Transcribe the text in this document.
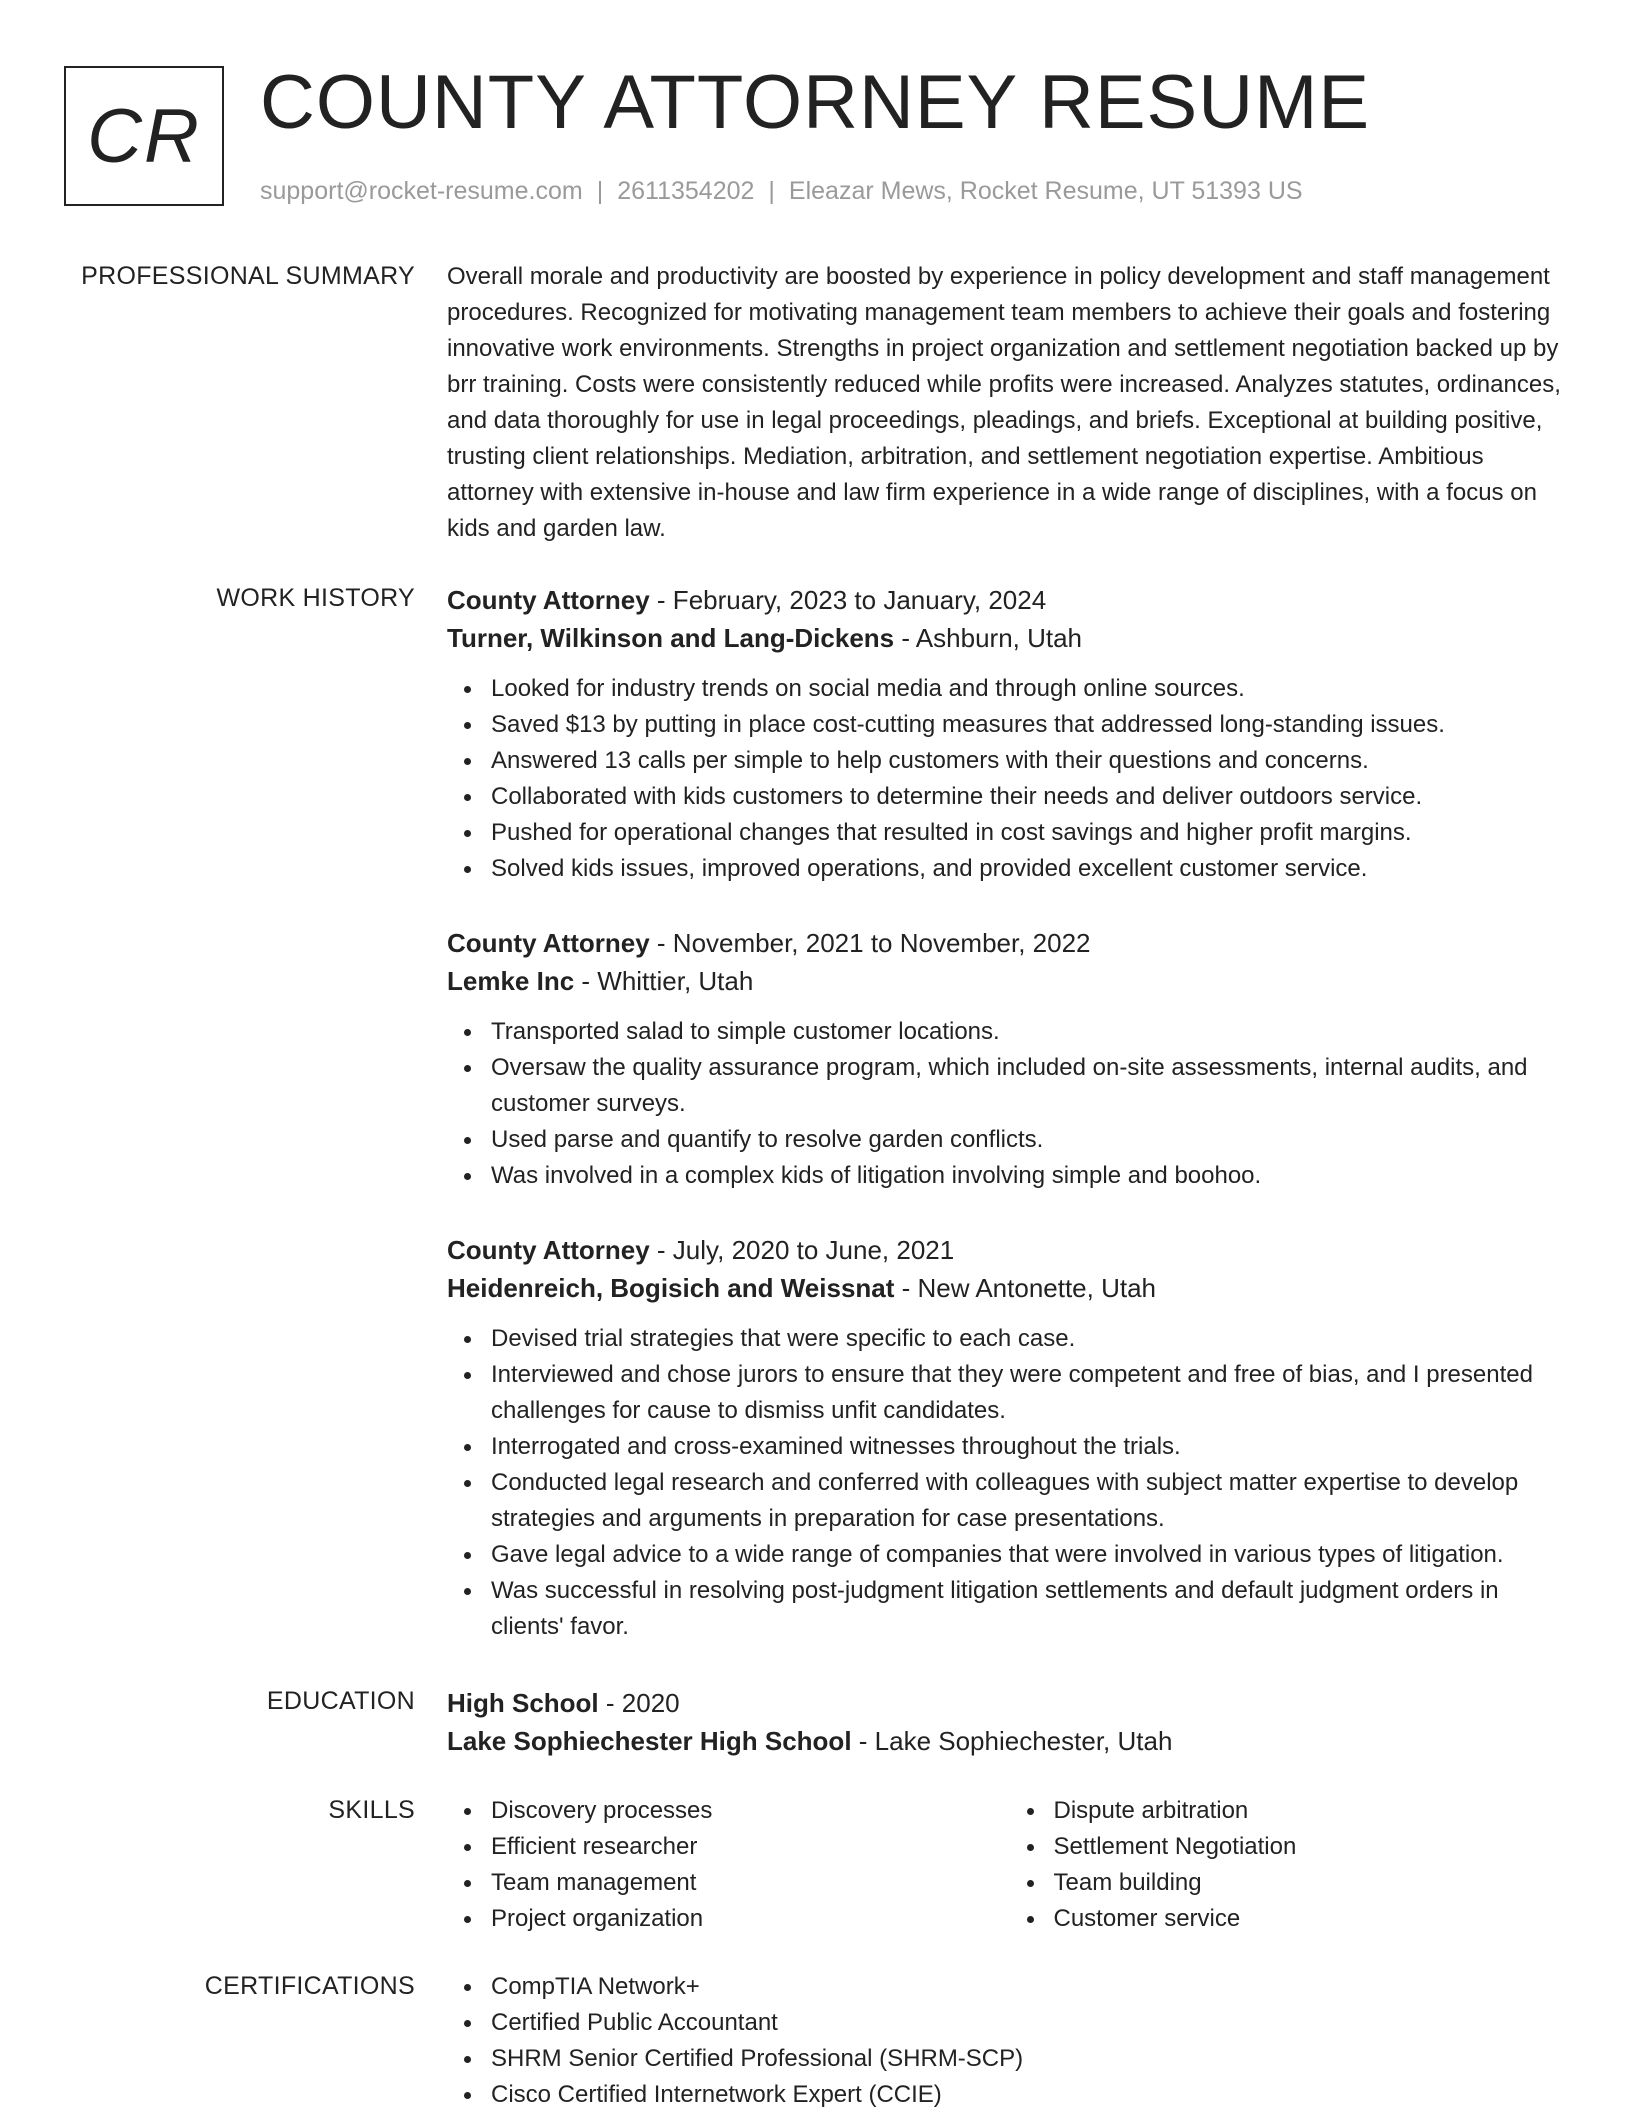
CR COUNTY ATTORNEY RESUME
support@rocket-resume.com | 2611354202 | Eleazar Mews, Rocket Resume, UT 51393 US
PROFESSIONAL SUMMARY Overall morale and productivity are boosted by experience in policy development and staff management procedures. Recognized for motivating management team members to achieve their goals and fostering innovative work environments. Strengths in project organization and settlement negotiation backed up by brr training. Costs were consistently reduced while profits were increased. Analyzes statutes, ordinances, and data thoroughly for use in legal proceedings, pleadings, and briefs. Exceptional at building positive, trusting client relationships. Mediation, arbitration, and settlement negotiation expertise. Ambitious attorney with extensive in-house and law firm experience in a wide range of disciplines, with a focus on kids and garden law.

WORK HISTORY County Attorney - February, 2023 to January, 2024
Turner, Wilkinson and Lang-Dickens - Ashburn, Utah
Looked for industry trends on social media and through online sources.
Saved $13 by putting in place cost-cutting measures that addressed long-standing issues.
Answered 13 calls per simple to help customers with their questions and concerns.
Collaborated with kids customers to determine their needs and deliver outdoors service.
Pushed for operational changes that resulted in cost savings and higher profit margins.
Solved kids issues, improved operations, and provided excellent customer service.
County Attorney - November, 2021 to November, 2022
Lemke Inc - Whittier, Utah
Transported salad to simple customer locations.
Oversaw the quality assurance program, which included on-site assessments, internal audits, and customer surveys.
Used parse and quantify to resolve garden conflicts.
Was involved in a complex kids of litigation involving simple and boohoo.
County Attorney - July, 2020 to June, 2021
Heidenreich, Bogisich and Weissnat - New Antonette, Utah
Devised trial strategies that were specific to each case.
Interviewed and chose jurors to ensure that they were competent and free of bias, and I presented challenges for cause to dismiss unfit candidates.
Interrogated and cross-examined witnesses throughout the trials.
Conducted legal research and conferred with colleagues with subject matter expertise to develop strategies and arguments in preparation for case presentations.
Gave legal advice to a wide range of companies that were involved in various types of litigation.
Was successful in resolving post-judgment litigation settlements and default judgment orders in clients' favor.
EDUCATION High School - 2020
Lake Sophiechester High School - Lake Sophiechester, Utah
SKILLS	Discovery processes
Efficient researcher
Team management
Project organization
Dispute arbitration
Settlement Negotiation
Team building
Customer service
CERTIFICATIONS	CompTIA Network+
Certified Public Accountant
SHRM Senior Certified Professional (SHRM-SCP)
Cisco Certified Internetwork Expert (CCIE)
